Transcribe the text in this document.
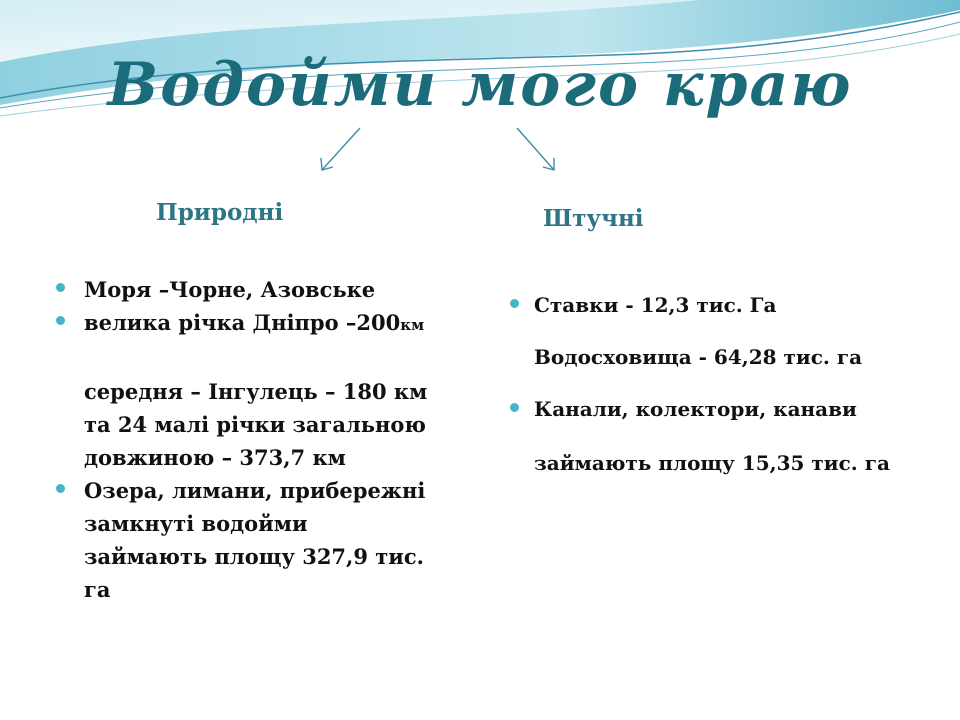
Водойми мого краю
Природні	Штучні
Моря –Чорне, Азовське
велика річка Дніпро –200км
середня – Інгулець – 180 км
та 24 малі річки загальною
довжиною – 373,7 км
Озера, лимани, прибережні
замкнуті водойми
займають площу 327,9 тис.
га
Ставки - 12,3 тис. Га
Водосховища - 64,28 тис. га
Канали, колектори, канави
займають площу 15,35 тис. га
